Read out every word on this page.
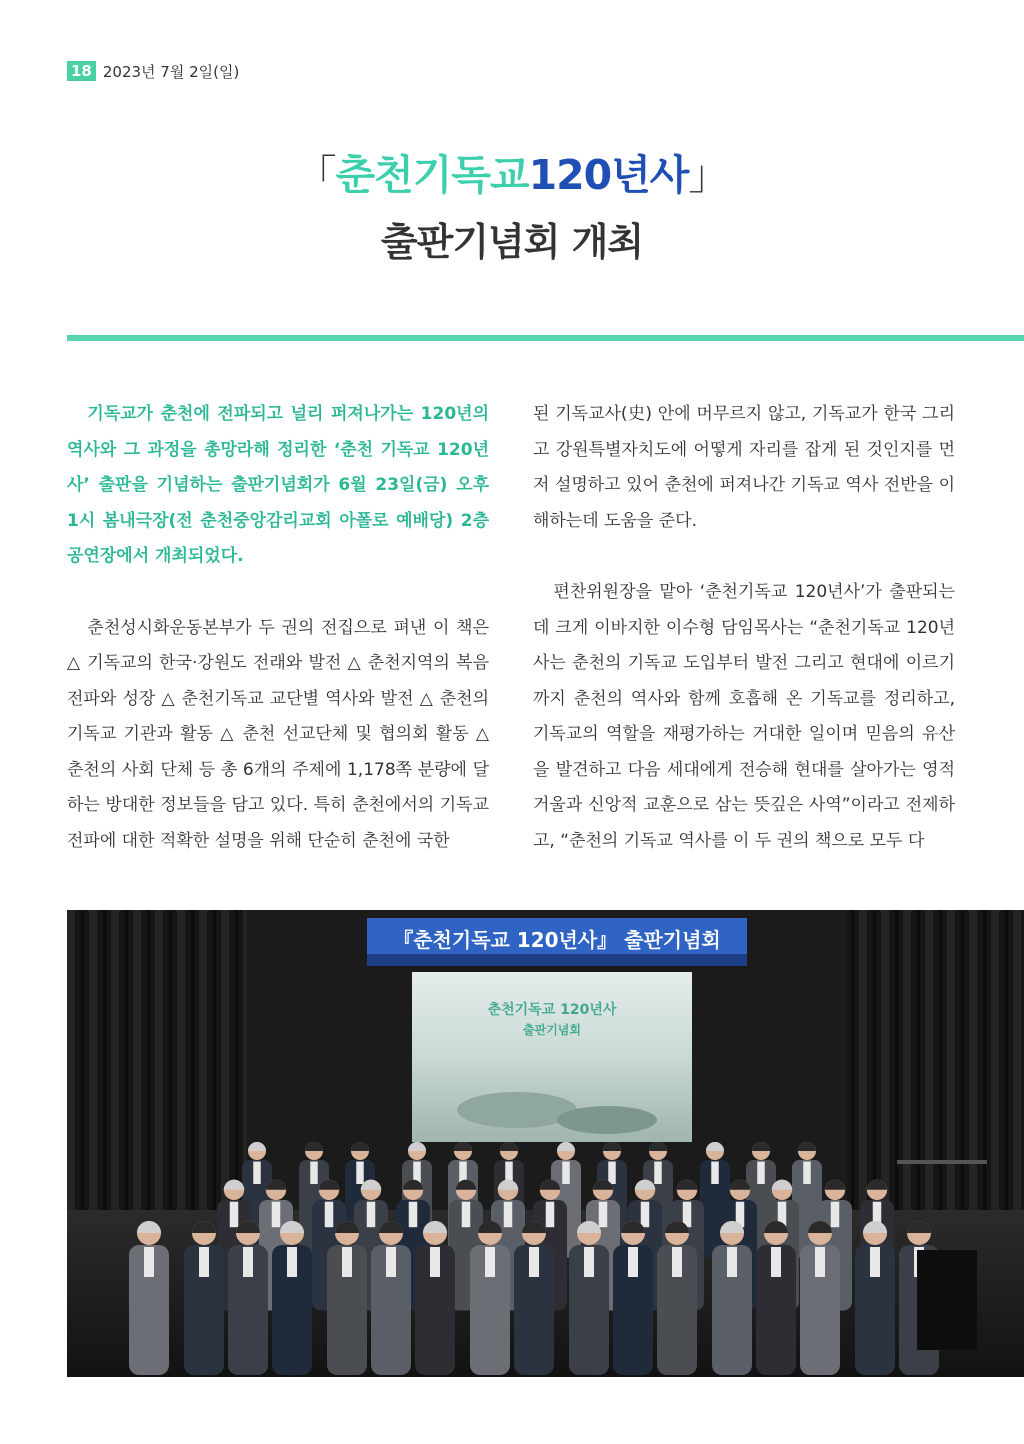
18 2023년 7월 2일(일)
「춘천기독교120년사」
출판기념회 개최

기독교가 춘천에 전파되고 널리 퍼져나가는 120년의 역사와 그 과정을 총망라해 정리한 ‘춘천 기독교 120년사’ 출판을 기념하는 출판기념회가 6월 23일(금) 오후 1시 봄내극장(전 춘천중앙감리교회 아폴로 예배당) 2층 공연장에서 개최되었다.

춘천성시화운동본부가 두 권의 전집으로 펴낸 이 책은 △ 기독교의 한국·강원도 전래와 발전 △ 춘천지역의 복음 전파와 성장 △ 춘천기독교 교단별 역사와 발전 △ 춘천의 기독교 기관과 활동 △ 춘천 선교단체 및 협의회 활동 △ 춘천의 사회 단체 등 총 6개의 주제에 1,178쪽 분량에 달하는 방대한 정보들을 담고 있다. 특히 춘천에서의 기독교 전파에 대한 적확한 설명을 위해 단순히 춘천에 국한

된 기독교사(史) 안에 머무르지 않고, 기독교가 한국 그리고 강원특별자치도에 어떻게 자리를 잡게 된 것인지를 먼저 설명하고 있어 춘천에 퍼져나간 기독교 역사 전반을 이해하는데 도움을 준다.

편찬위원장을 맡아 ‘춘천기독교 120년사’가 출판되는 데 크게 이바지한 이수형 담임목사는 “춘천기독교 120년사는 춘천의 기독교 도입부터 발전 그리고 현대에 이르기까지 춘천의 역사와 함께 호흡해 온 기독교를 정리하고, 기독교의 역할을 재평가하는 거대한 일이며 믿음의 유산을 발견하고 다음 세대에게 전승해 현대를 살아가는 영적 거울과 신앙적 교훈으로 삼는 뜻깊은 사역”이라고 전제하고, “춘천의 기독교 역사를 이 두 권의 책으로 모두 다

『춘천기독교 120년사』 출판기념회
춘천기독교 120년사
출판기념회
